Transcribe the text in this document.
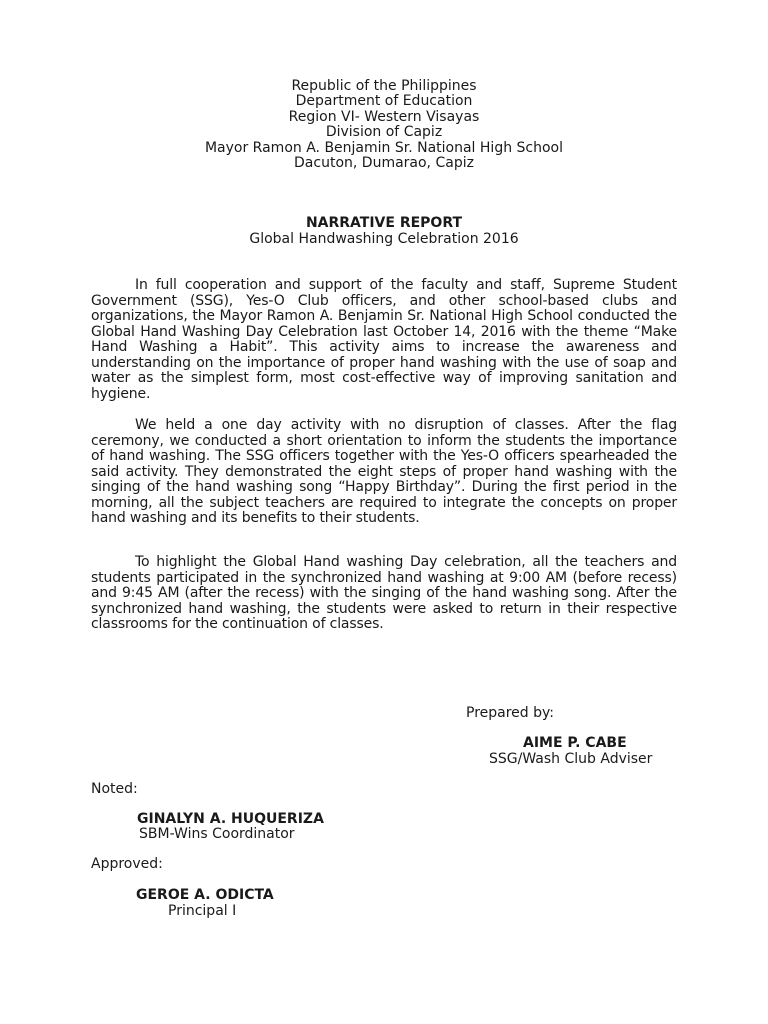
Republic of the Philippines
Department of Education
Region VI- Western Visayas
Division of Capiz
Mayor Ramon A. Benjamin Sr. National High School
Dacuton, Dumarao, Capiz
NARRATIVE REPORT
Global Handwashing Celebration 2016

In full cooperation and support of the faculty and staff, Supreme Student Government (SSG), Yes-O Club officers, and other school-based clubs and organizations, the Mayor Ramon A. Benjamin Sr. National High School conducted the Global Hand Washing Day Celebration last October 14, 2016 with the theme “Make Hand Washing a Habit”. This activity aims to increase the awareness and understanding on the importance of proper hand washing with the use of soap and water as the simplest form, most cost-effective way of improving sanitation and hygiene.

We held a one day activity with no disruption of classes. After the flag ceremony, we conducted a short orientation to inform the students the importance of hand washing. The SSG officers together with the Yes-O officers spearheaded the said activity. They demonstrated the eight steps of proper hand washing with the singing of the hand washing song “Happy Birthday”. During the first period in the morning, all the subject teachers are required to integrate the concepts on proper hand washing and its benefits to their students.

To highlight the Global Hand washing Day celebration, all the teachers and students participated in the synchronized hand washing at 9:00 AM (before recess) and 9:45 AM (after the recess) with the singing of the hand washing song. After the synchronized hand washing, the students were asked to return in their respective classrooms for the continuation of classes.

Prepared by:
AIME P. CABE
SSG/Wash Club Adviser
Noted:
GINALYN A. HUQUERIZA
SBM-Wins Coordinator
Approved:
GEROE A. ODICTA
Principal I
